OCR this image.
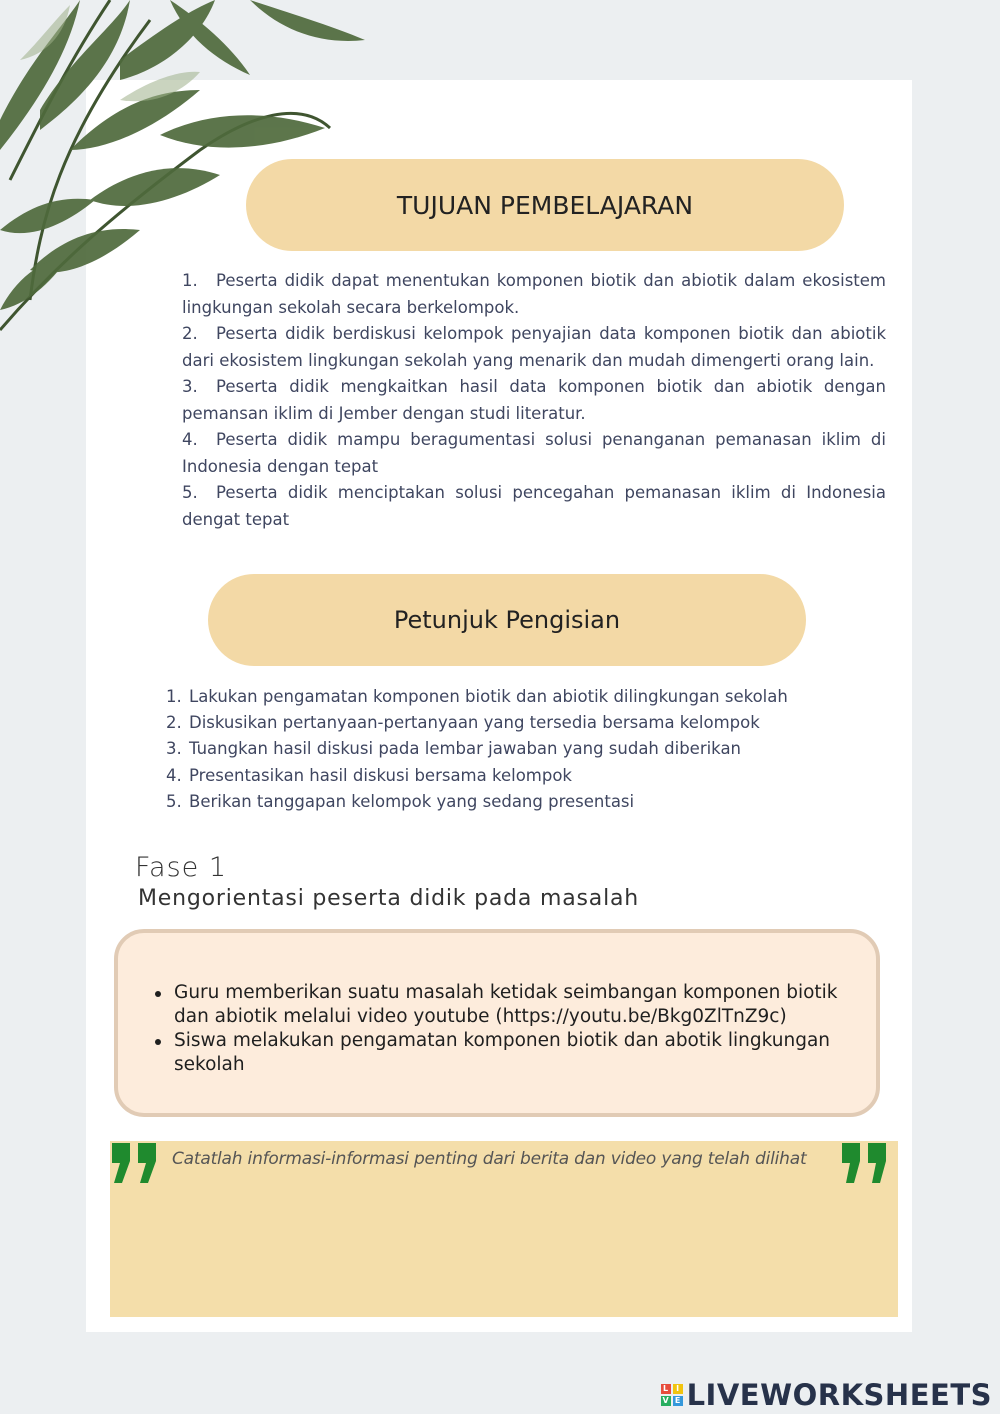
TUJUAN PEMBELAJARAN
1. Peserta didik dapat menentukan komponen biotik dan abiotik dalam ekosistem lingkungan sekolah secara berkelompok.
2. Peserta didik berdiskusi kelompok penyajian data komponen biotik dan abiotik dari ekosistem lingkungan sekolah yang menarik dan mudah dimengerti orang lain.
3. Peserta didik mengkaitkan hasil data komponen biotik dan abiotik dengan pemansan iklim di Jember dengan studi literatur.
4. Peserta didik mampu beragumentasi solusi penanganan pemanasan iklim di Indonesia dengan tepat
5. Peserta didik menciptakan solusi pencegahan pemanasan iklim di Indonesia dengat tepat
Petunjuk Pengisian
1. Lakukan pengamatan komponen biotik dan abiotik dilingkungan sekolah
2. Diskusikan pertanyaan-pertanyaan yang tersedia bersama kelompok
3. Tuangkan hasil diskusi pada lembar jawaban yang sudah diberikan
4. Presentasikan hasil diskusi bersama kelompok
5. Berikan tanggapan kelompok yang sedang presentasi
Fase 1
Mengorientasi peserta didik pada masalah
Guru memberikan suatu masalah ketidak seimbangan komponen biotik dan abiotik melalui video youtube (https://youtu.be/Bkg0ZlTnZ9c)
Siswa melakukan pengamatan komponen biotik dan abotik lingkungan sekolah
Catatlah informasi-informasi penting dari berita dan video yang telah dilihat
L I
V E LIVEWORKSHEETS
